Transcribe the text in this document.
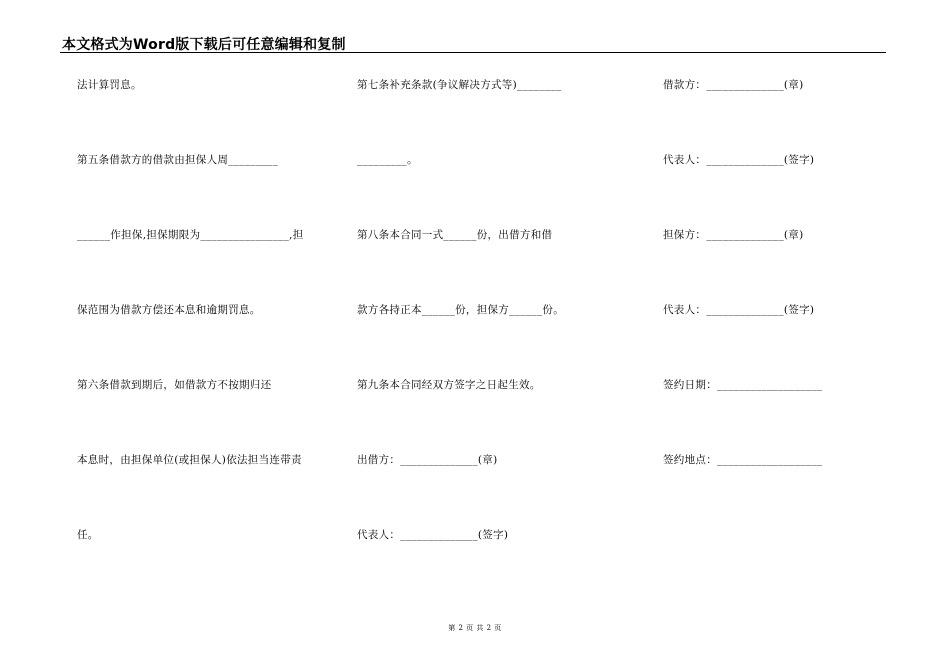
本文格式为Word版下载后可任意编辑和复制
法计算罚息。
第五条借款方的借款由担保人周_________
______作担保,担保期限为________________,担
保范围为借款方偿还本息和逾期罚息。
第六条借款到期后，如借款方不按期归还
本息时，由担保单位(或担保人)依法担当连带责
任。
第七条补充条款(争议解决方式等)________
_________。
第八条本合同一式______份，出借方和借
款方各持正本______份，担保方______份。
第九条本合同经双方签字之日起生效。
出借方：______________(章)
代表人：______________(签字)
借款方：______________(章)
代表人：______________(签字)
担保方：______________(章)
代表人：______________(签字)
签约日期：___________________
签约地点：___________________
第 2 页 共 2 页
